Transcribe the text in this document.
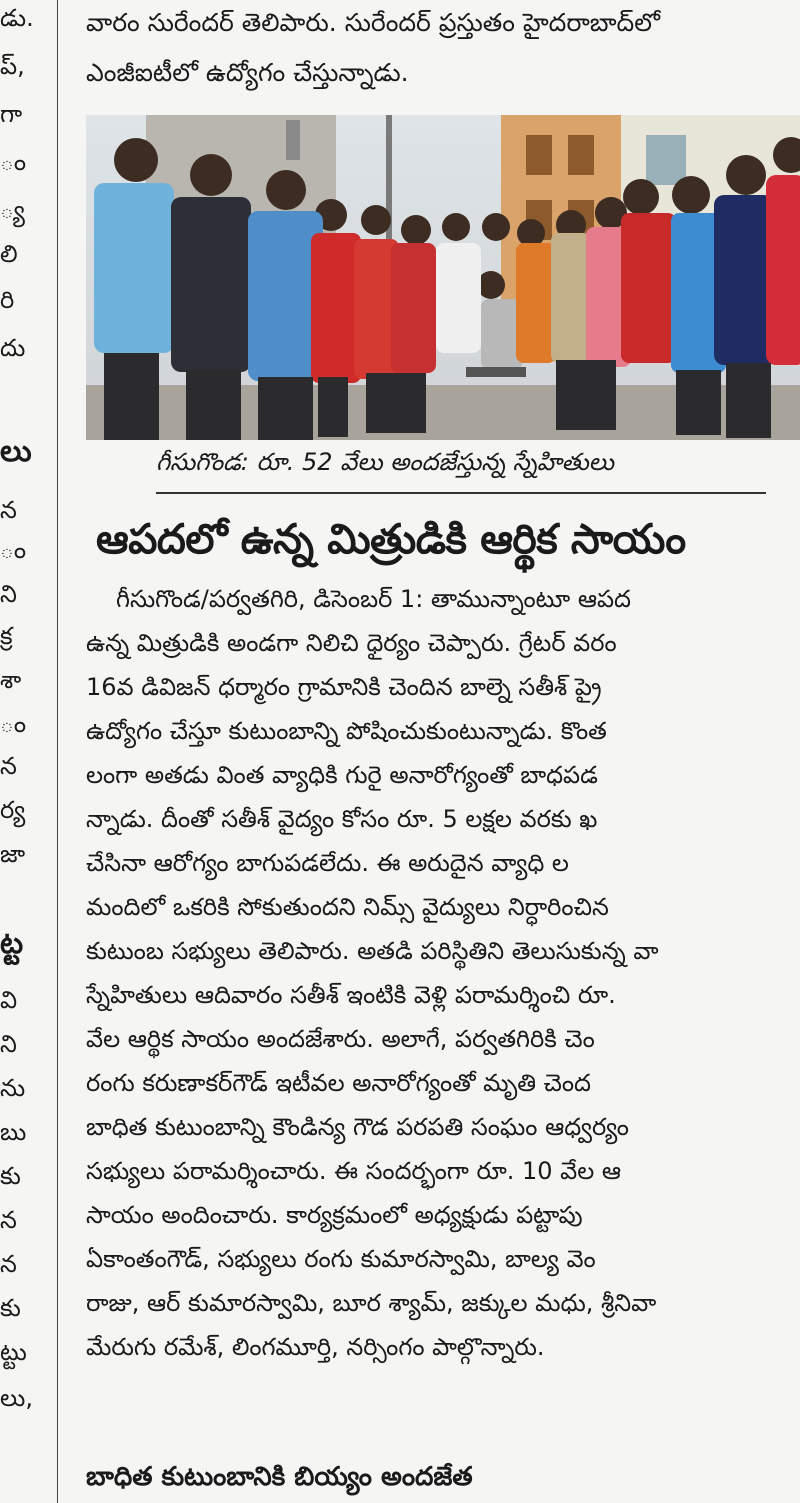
డు.
ప్,
గా
ం
్య
లి
రి
దు
లు
న
ం
ని
క్ర
శా
ం
న
ర్య
జా
ట్ట
వి
ని
ను
బు
కు
న
న
కు
ట్టు
లు,
వారం సురేందర్ తెలిపారు. సురేందర్ ప్రస్తుతం హైదరాబాద్‌లో
ఎంజీఐటీలో ఉద్యోగం చేస్తున్నాడు.
గీసుగొండ: రూ. 52 వేలు అందజేస్తున్న స్నేహితులు
ఆపదలో ఉన్న మిత్రుడికి ఆర్థిక సాయం
గీసుగొండ/పర్వతగిరి, డిసెంబర్ 1: తామున్నాంటూ ఆపద
ఉన్న మిత్రుడికి అండగా నిలిచి ధైర్యం చెప్పారు. గ్రేటర్ వరం
16వ డివిజన్ ధర్మారం గ్రామానికి చెందిన బాల్నె సతీశ్ ప్రై
ఉద్యోగం చేస్తూ కుటుంబాన్ని పోషించుకుంటున్నాడు. కొంత
లంగా అతడు వింత వ్యాధికి గురై అనారోగ్యంతో బాధపడ
న్నాడు. దీంతో సతీశ్ వైద్యం కోసం రూ. 5 లక్షల వరకు ఖ
చేసినా ఆరోగ్యం బాగుపడలేదు. ఈ అరుదైన వ్యాధి ల
మందిలో ఒకరికి సోకుతుందని నిమ్స్ వైద్యులు నిర్ధారించిన
కుటుంబ సభ్యులు తెలిపారు. అతడి పరిస్థితిని తెలుసుకున్న వా
స్నేహితులు ఆదివారం సతీశ్ ఇంటికి వెళ్లి పరామర్శించి రూ.
వేల ఆర్థిక సాయం అందజేశారు. అలాగే, పర్వతగిరికి చెం
రంగు కరుణాకర్‌గౌడ్ ఇటీవల అనారోగ్యంతో మృతి చెంద
బాధిత కుటుంబాన్ని కౌండిన్య గౌడ పరపతి సంఘం ఆధ్వర్యం
సభ్యులు పరామర్శించారు. ఈ సందర్భంగా రూ. 10 వేల ఆ
సాయం అందించారు. కార్యక్రమంలో అధ్యక్షుడు పట్టాపు
ఏకాంతంగౌడ్, సభ్యులు రంగు కుమారస్వామి, బాల్య వెం
రాజు, ఆర్ కుమారస్వామి, బూర శ్యామ్, జక్కుల మధు, శ్రీనివా
మేరుగు రమేశ్, లింగమూర్తి, నర్సింగం పాల్గొన్నారు.
బాధిత కుటుంబానికి బియ్యం అందజేత
